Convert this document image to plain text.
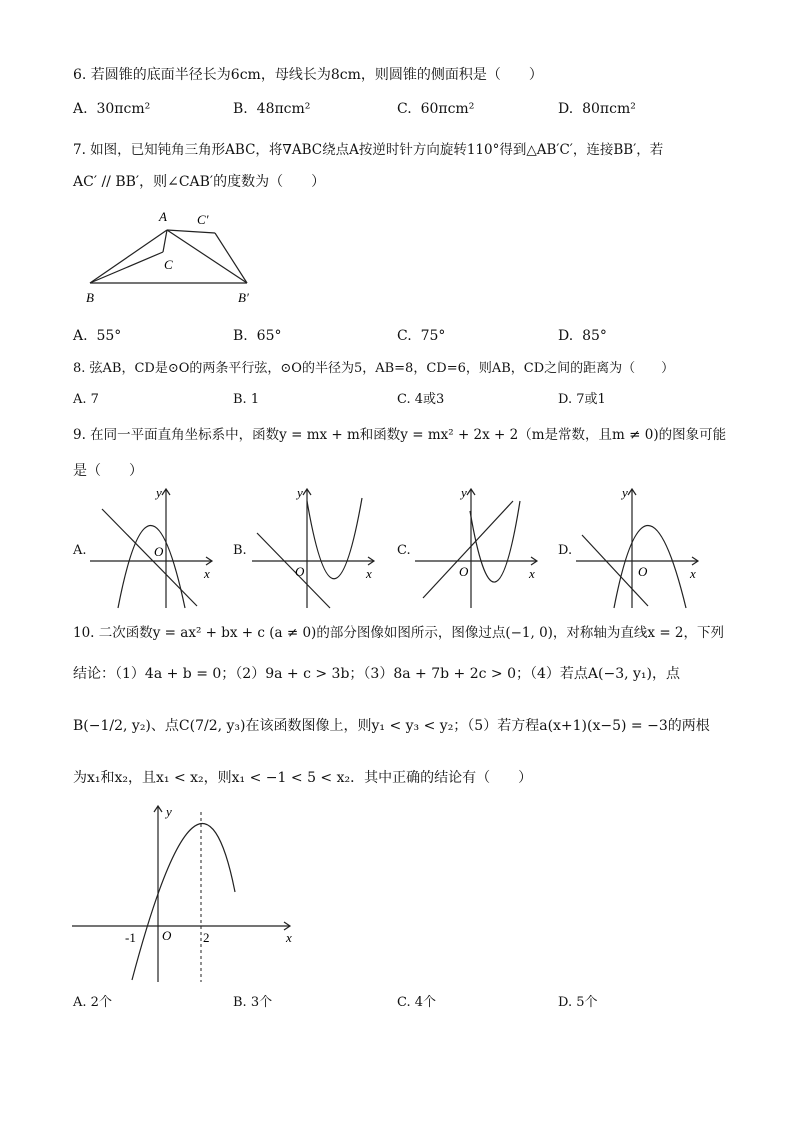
6. 若圆锥的底面半径长为6cm，母线长为8cm，则圆锥的侧面积是（　　）
A. 30πcm²	B. 48πcm²	C. 60πcm²	D. 80πcm²
7. 如图，已知钝角三角形ABC，将∇ABC绕点A按逆时针方向旋转110°得到△AB′C′，连接BB′，若
AC′ // BB′，则∠CAB′的度数为（　　）
A C′
C
B	B′
A. 55°	B. 65°	C. 75°	D. 85°
8. 弦AB，CD是⊙O的两条平行弦，⊙O的半径为5，AB=8，CD=6，则AB，CD之间的距离为（　　）
A. 7	B. 1	C. 4或3	D. 7或1
9. 在同一平面直角坐标系中，函数y = mx + m和函数y = mx² + 2x + 2（m是常数，且m ≠ 0)的图象可能
是（　　）
A.
y
x
O	B.
y
x
O
C.
y
x
O
D.
y
x
O
10. 二次函数y = ax² + bx + c (a ≠ 0)的部分图像如图所示，图像过点(−1, 0)，对称轴为直线x = 2，下列
结论：（1）4a + b = 0；（2）9a + c > 3b；（3）8a + 7b + 2c > 0；（4）若点A(−3, y₁)，点
B(−1/2, y₂)、点C(7/2, y₃)在该函数图像上，则y₁ < y₃ < y₂；（5）若方程a(x+1)(x−5) = −3的两根
为x₁和x₂，且x₁ < x₂，则x₁ < −1 < 5 < x₂．其中正确的结论有（　　）
y
x
O
-1	2
A. 2个	B. 3个	C. 4个	D. 5个
